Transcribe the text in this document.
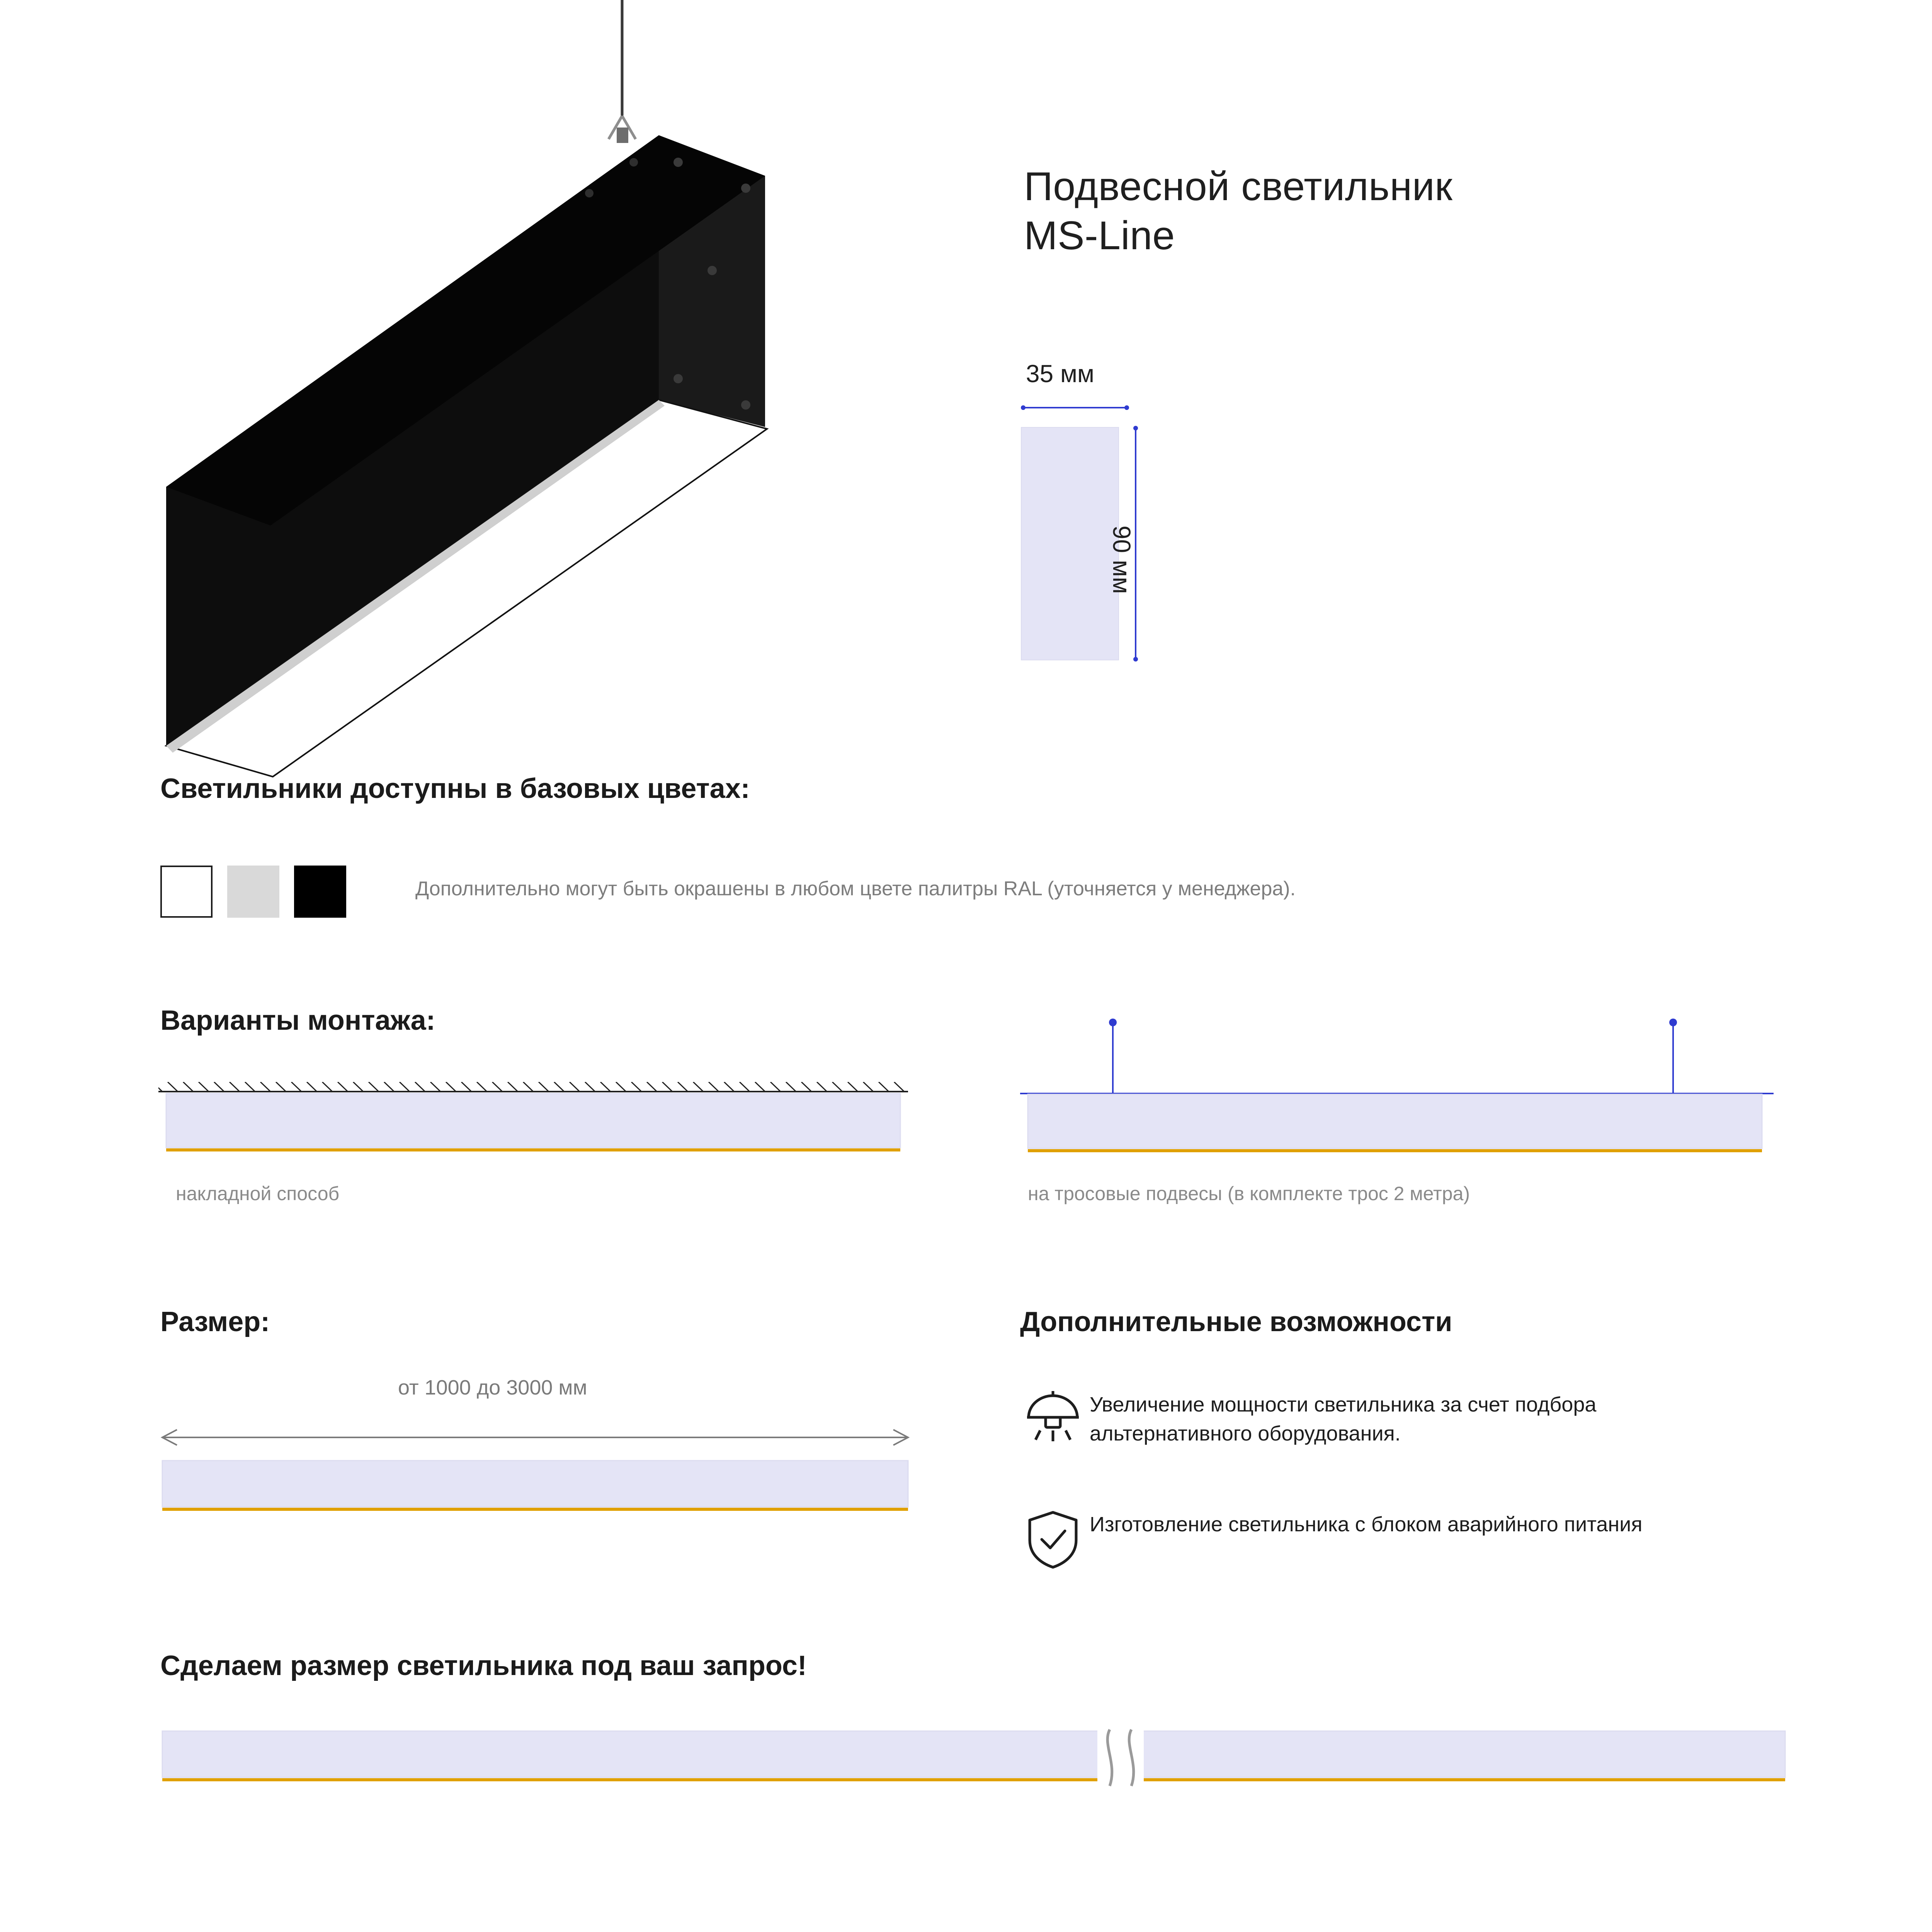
Подвесной светильник
MS-Line
35 мм
90 мм
Светильники доступны в базовых цветах:
Дополнительно могут быть окрашены в любом цвете палитры RAL (уточняется у менеджера).
Варианты монтажа:
накладной способ	на тросовые подвесы (в комплекте трос 2 метра)
Размер:
от 1000 до 3000 мм
Дополнительные возможности
Увеличение мощности светильника за счет подбора альтернативного оборудования.
Изготовление светильника с блоком аварийного питания
Сделаем размер светильника под ваш запрос!
